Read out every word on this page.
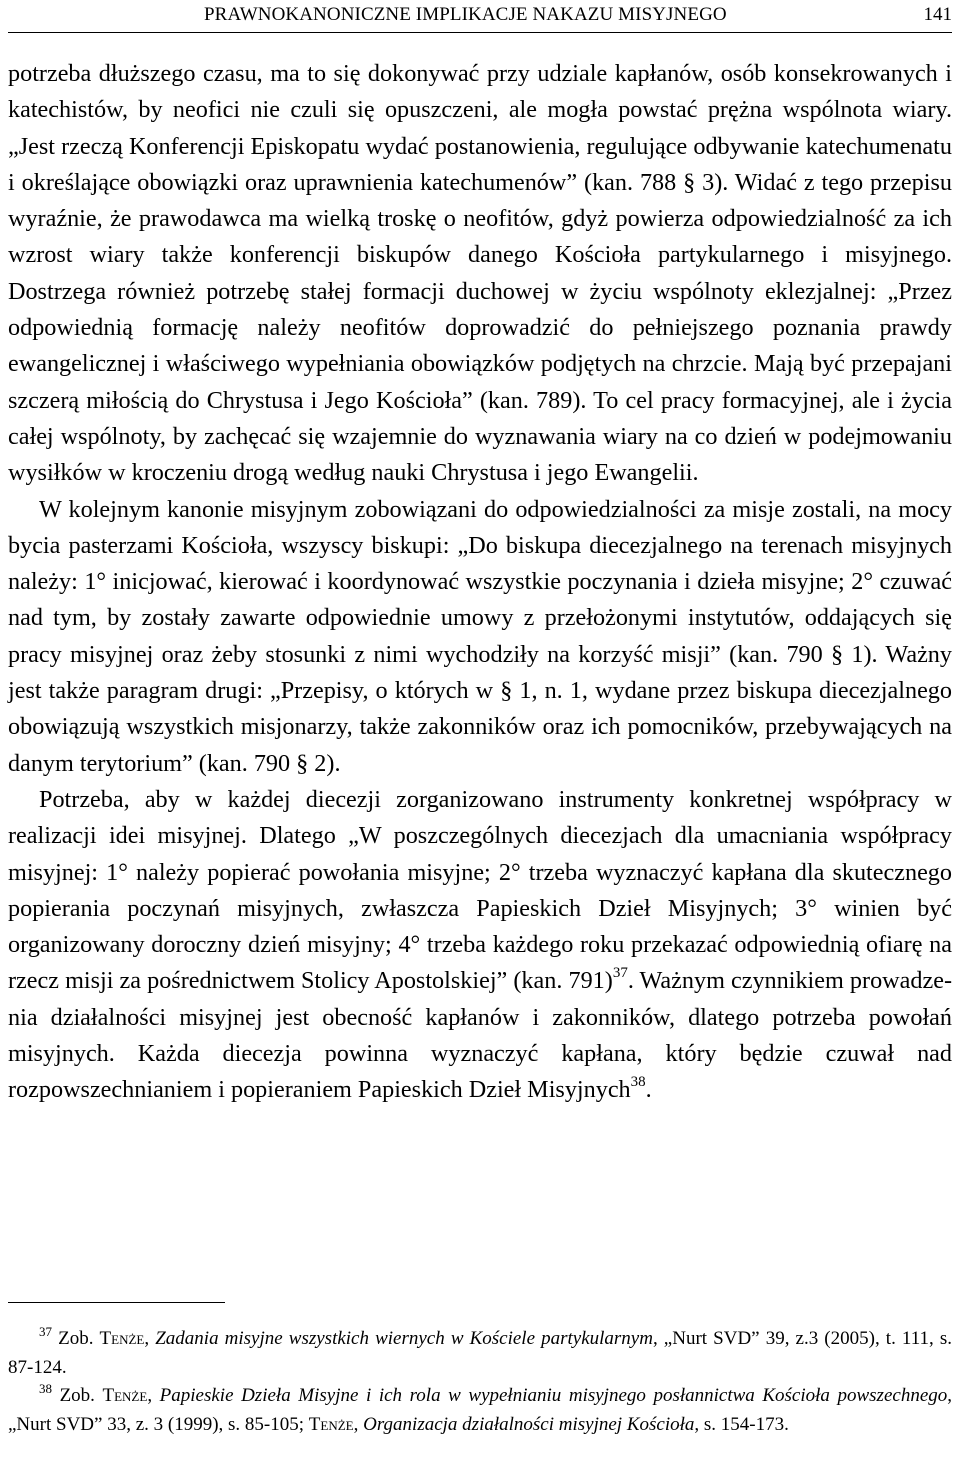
PRAWNOKANONICZNE IMPLIKACJE NAKAZU MISYJNEGO	141

potrzeba dłuższego czasu, ma to się dokonywać przy udziale kapłanów, osób konsekrowanych i katechistów, by neofici nie czuli się opuszczeni, ale mogła powstać prężna wspólnota wiary. „Jest rzeczą Konferencji Episkopatu wydać postanowienia, regulujące odbywanie katechumenatu i określające obowiązki oraz uprawnienia katechumenów” (kan. 788 § 3). Widać z tego przepisu wyraźnie, że prawodawca ma wielką troskę o neofitów, gdyż powierza odpowiedzialność za ich wzrost wiary także konferencji biskupów danego Kościoła partykularnego i misyjnego. Dostrzega również potrzebę stałej formacji duchowej w życiu wspólnoty eklezjalnej: „Przez odpowiednią formację należy neofitów doprowadzić do pełniejszego poznania prawdy ewangelicznej i właściwego wypełniania obowiązków podjętych na chrzcie. Mają być przepajani szczerą miłością do Chrystusa i Jego Kościoła” (kan. 789). To cel pracy formacyjnej, ale i życia całej wspólnoty, by zachęcać się wzajemnie do wyznawania wiary na co dzień w podejmowaniu wysiłków w kroczeniu drogą według nauki Chrystusa i jego Ewangelii.

W kolejnym kanonie misyjnym zobowiązani do odpowiedzialności za misje zostali, na mocy bycia pasterzami Kościoła, wszyscy biskupi: „Do biskupa diecezjalnego na terenach misyjnych należy: 1° inicjować, kierować i koordynować wszystkie poczynania i dzieła misyjne; 2° czuwać nad tym, by zostały zawarte odpowiednie umowy z przełożonymi instytutów, oddających się pracy misyjnej oraz żeby stosunki z nimi wychodziły na korzyść misji” (kan. 790 § 1). Ważny jest także paragram drugi: „Przepisy, o których w § 1, n. 1, wydane przez biskupa diecezjalnego obowiązują wszystkich misjonarzy, także zakonników oraz ich pomocników, przebywających na danym terytorium” (kan. 790 § 2).

Potrzeba, aby w każdej diecezji zorganizowano instrumenty konkretnej współpracy w realizacji idei misyjnej. Dlatego „W poszczególnych diecezjach dla umacniania współpracy misyjnej: 1° należy popierać powołania misyjne; 2° trzeba wyznaczyć kapłana dla skutecznego popierania poczynań misyjnych, zwłaszcza Papieskich Dzieł Misyjnych; 3° winien być organizowany doroczny dzień misyjny; 4° trzeba każdego roku przekazać odpowiednią ofiarę na rzecz misji za pośrednictwem Stolicy Apostolskiej” (kan. 791)$^{37}$. Ważnym czynnikiem prowadzenia działalności misyjnej jest obecność kapłanów i zakonników, dlatego potrzeba powołań misyjnych. Każda diecezja powinna wyznaczyć kapłana, który będzie czuwał nad rozpowszechnianiem i popieraniem Papieskich Dzieł Misyjnych$^{38}$.

$^{37}$ Zob. Tenże, Zadania misyjne wszystkich wiernych w Kościele partykularnym, „Nurt SVD” 39, z.3 (2005), t. 111, s. 87-124.

$^{38}$ Zob. Tenże, Papieskie Dzieła Misyjne i ich rola w wypełnianiu misyjnego posłannictwa Kościoła powszechnego, „Nurt SVD” 33, z. 3 (1999), s. 85-105; Tenże, Organizacja działalności misyjnej Kościoła, s. 154-173.
